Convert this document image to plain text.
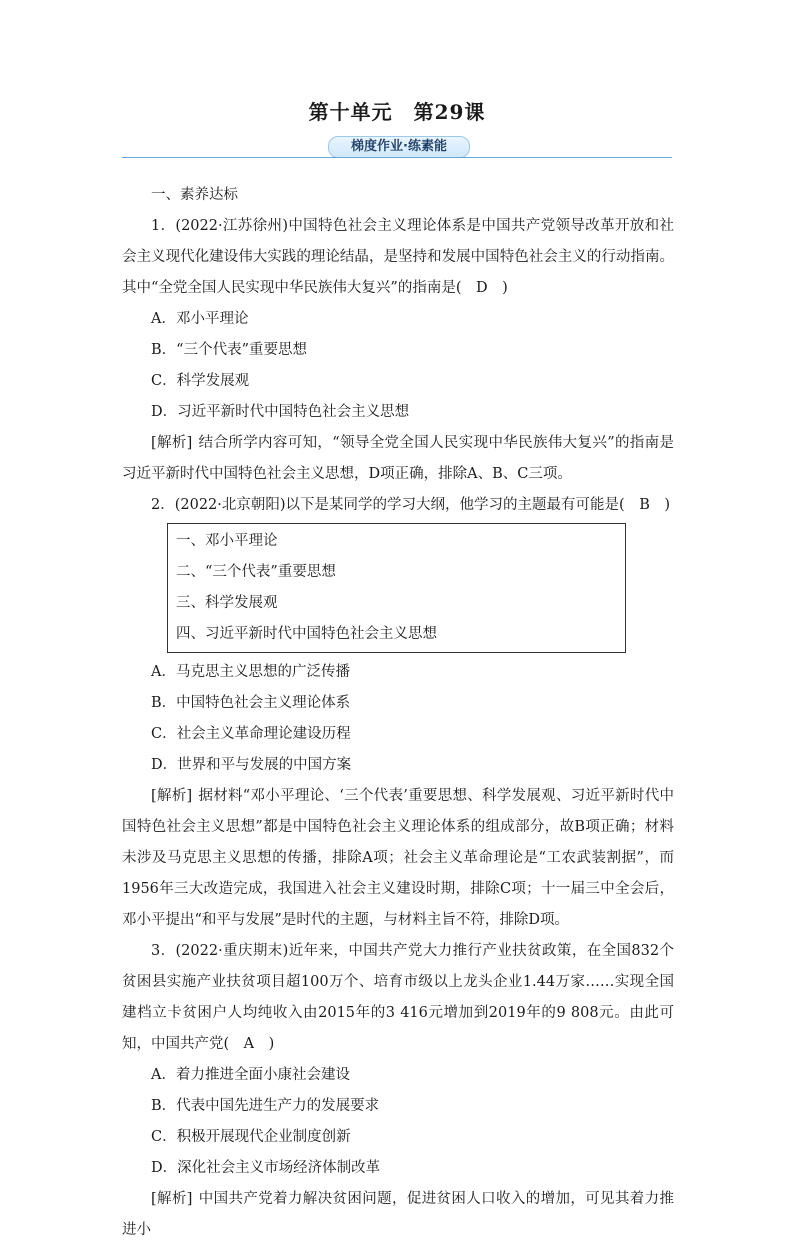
第十单元　第29课
梯度作业·练素能

一、素养达标

1．(2022·江苏徐州)中国特色社会主义理论体系是中国共产党领导改革开放和社会主义现代化建设伟大实践的理论结晶，是坚持和发展中国特色社会主义的行动指南。其中“全党全国人民实现中华民族伟大复兴”的指南是(　D　)

A．邓小平理论
B．“三个代表”重要思想
C．科学发展观
D．习近平新时代中国特色社会主义思想

[解析] 结合所学内容可知，“领导全党全国人民实现中华民族伟大复兴”的指南是习近平新时代中国特色社会主义思想，D项正确，排除A、B、C三项。

2．(2022·北京朝阳)以下是某同学的学习大纲，他学习的主题最有可能是(　B　)

一、邓小平理论
二、“三个代表”重要思想
三、科学发展观
四、习近平新时代中国特色社会主义思想
A．马克思主义思想的广泛传播
B．中国特色社会主义理论体系
C．社会主义革命理论建设历程
D．世界和平与发展的中国方案

[解析] 据材料“邓小平理论、‘三个代表’重要思想、科学发展观、习近平新时代中国特色社会主义思想”都是中国特色社会主义理论体系的组成部分，故B项正确；材料未涉及马克思主义思想的传播，排除A项；社会主义革命理论是“工农武装割据”，而1956年三大改造完成，我国进入社会主义建设时期，排除C项；十一届三中全会后，邓小平提出“和平与发展”是时代的主题，与材料主旨不符，排除D项。

3．(2022·重庆期末)近年来，中国共产党大力推行产业扶贫政策，在全国832个贫困县实施产业扶贫项目超100万个、培育市级以上龙头企业1.44万家……实现全国建档立卡贫困户人均纯收入由2015年的3 416元增加到2019年的9 808元。由此可知，中国共产党(　A　)

A．着力推进全面小康社会建设
B．代表中国先进生产力的发展要求
C．积极开展现代企业制度创新
D．深化社会主义市场经济体制改革

[解析] 中国共产党着力解决贫困问题，促进贫困人口收入的增加，可见其着力推进小
